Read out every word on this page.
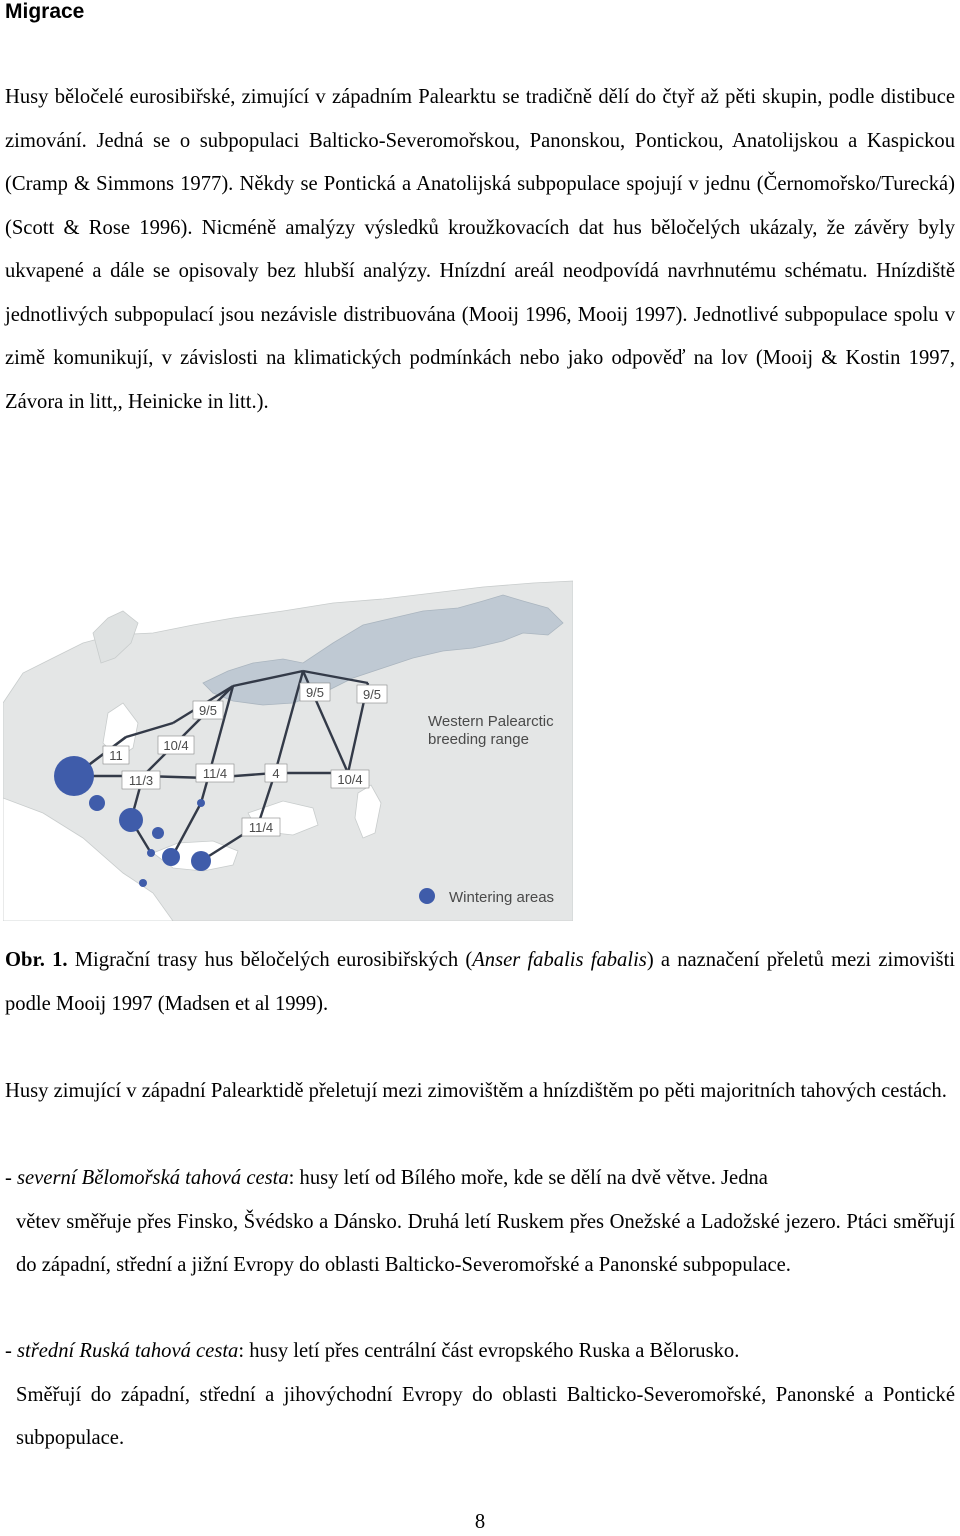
Migrace

Husy běločelé eurosibiřské, zimující v západním Palearktu se tradičně dělí do čtyř až pěti skupin, podle distibuce zimování. Jedná se o subpopulaci Balticko-Severomořskou, Panonskou, Pontickou, Anatolijskou a Kaspickou (Cramp & Simmons 1977). Někdy se Pontická a Anatolijská subpopulace spojují v jednu (Černomořsko/Turecká) (Scott & Rose 1996). Nicméně amalýzy výsledků kroužkovacích dat hus běločelých ukázaly, že závěry byly ukvapené a dále se opisovaly bez hlubší analýzy. Hnízdní areál neodpovídá navrhnutému schématu. Hnízdiště jednotlivých subpopulací jsou nezávisle distribuována (Mooij 1996, Mooij 1997). Jednotlivé subpopulace spolu v zimě komunikují, v závislosti na klimatických podmínkách nebo jako odpověď na lov (Mooij & Kostin 1997, Závora in litt,, Heinicke in litt.).

9/5
9/5	9/5
10/4
11
11/3	11/4	4	10/4
11/4
Western Palearctic
breeding range
Wintering areas

Obr. 1. Migrační trasy hus běločelých eurosibiřských (Anser fabalis fabalis) a naznačení přeletů mezi zimovišti podle Mooij 1997 (Madsen et al 1999).

Husy zimující v západní Palearktidě přeletují mezi zimovištěm a hnízdištěm po pěti majoritních tahových cestách.

- severní Bělomořská tahová cesta: husy letí od Bílého moře, kde se dělí na dvě větve. Jedna
větev směřuje přes Finsko, Švédsko a Dánsko. Druhá letí Ruskem přes Onežské a Ladožské jezero. Ptáci směřují do západní, střední a jižní Evropy do oblasti Balticko-Severomořské a Panonské subpopulace.

- střední Ruská tahová cesta: husy letí přes centrální část evropského Ruska a Bělorusko.
Směřují do západní, střední a jihovýchodní Evropy do oblasti Balticko-Severomořské, Panonské a Pontické subpopulace.

8
